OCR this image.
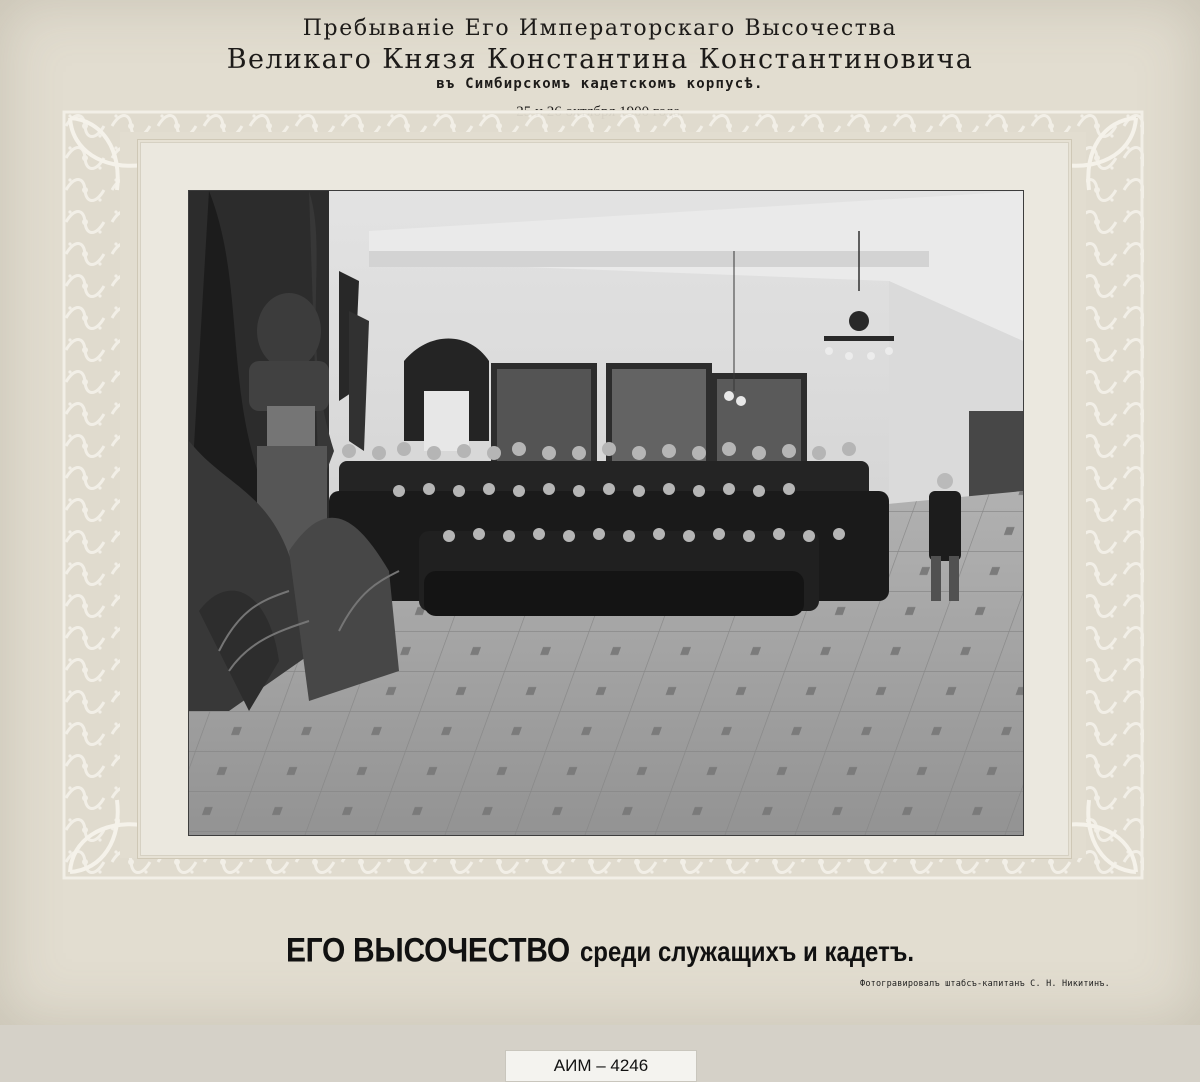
Пребыванiе Его Императорскаго Высочества
Великаго Князя Константина Константиновича
въ Симбирскомъ кадетскомъ корпусѣ.
ЕГО ВЫСОЧЕСТВО среди служащихъ и кадетъ.
Фотогравировалъ штабсъ-капитанъ С. Н. Никитинъ.
АИМ – 4246
